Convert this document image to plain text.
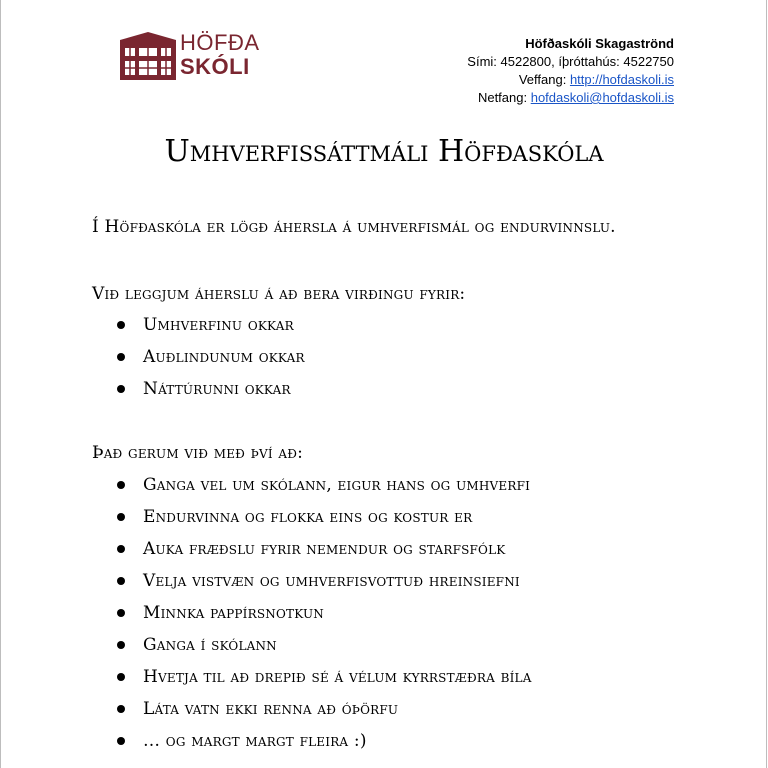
HÖFÐA
SKÓLI
Höfðaskóli Skagaströnd
Sími: 4522800, íþróttahús: 4522750
Veffang: http://hofdaskoli.is
Netfang: hofdaskoli@hofdaskoli.is
Umhverfissáttmáli Höfðaskóla
Í Höfðaskóla er lögð áhersla á umhverfismál og endurvinnslu.
Við leggjum áherslu á að bera virðingu fyrir:
Umhverfinu okkar
Auðlindunum okkar
Náttúrunni okkar
Það gerum við með því að:
Ganga vel um skólann, eigur hans og umhverfi
Endurvinna og flokka eins og kostur er
Auka fræðslu fyrir nemendur og starfsfólk
Velja vistvæn og umhverfisvottuð hreinsiefni
Minnka pappírsnotkun
Ganga í skólann
Hvetja til að drepið sé á vélum kyrrstæðra bíla
Láta vatn ekki renna að óþörfu
… og margt margt fleira :)
